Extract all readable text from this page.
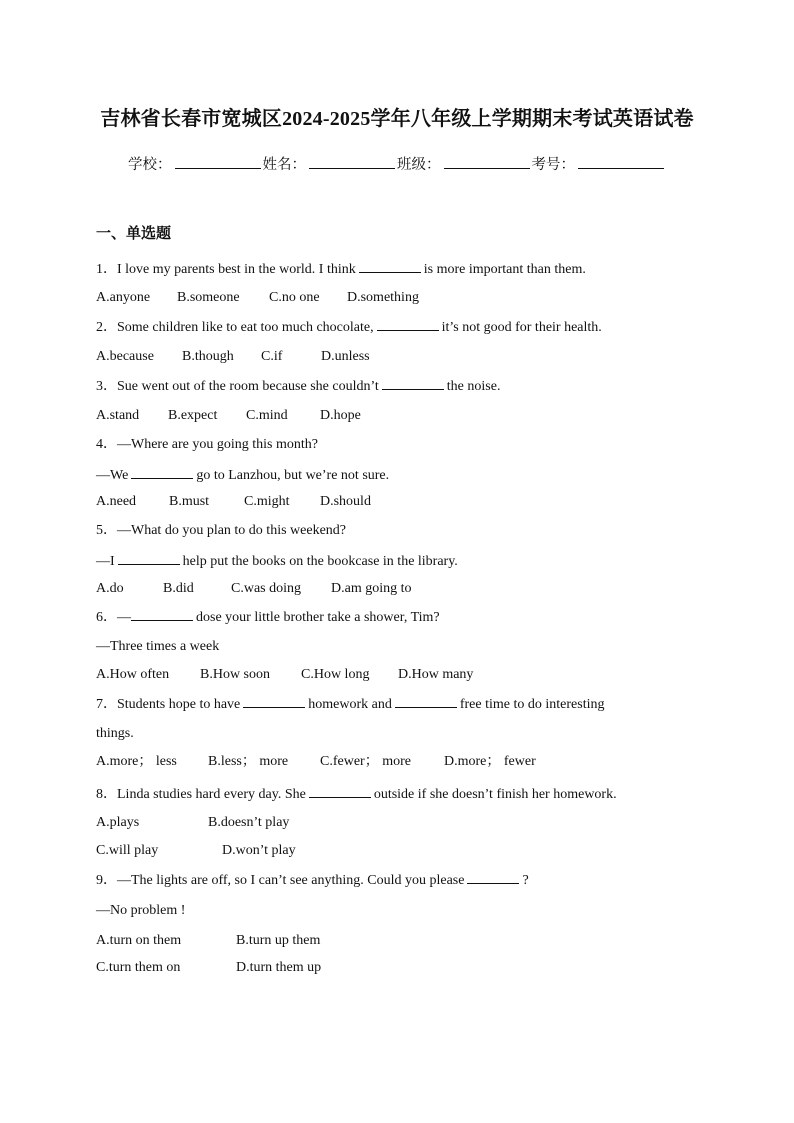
吉林省长春市宽城区2024-2025学年八年级上学期期末考试英语试卷
学校：	姓名：	班级：	考号：
一、单选题
1．I love my parents best in the world. I think	is more important than them.
A.anyone B.someone C.no one D.something
2．Some children like to eat too much chocolate,	it’s not good for their health.
A.because B.though C.if	D.unless
3．Sue went out of the room because she couldn’t	the noise.
A.stand B.expect C.mind D.hope
4．—Where are you going this month?
—We	go to Lanzhou, but we’re not sure.
A.need B.must C.might D.should
5．—What do you plan to do this weekend?
—I	help put the books on the bookcase in the library.
A.do	B.did	C.was doing D.am going to
6．—	dose your little brother take a shower, Tim?
—Three times a week
A.How often B.How soon C.How long D.How many
7．Students hope to have	homework and	free time to do interesting
things.
A.more； less B.less； more C.fewer； more D.more； fewer
8．Linda studies hard every day. She	outside if she doesn’t finish her homework.
A.plays	B.doesn’t play
C.will play	D.won’t play
9．—The lights are off, so I can’t see anything. Could you please	?
—No problem !
A.turn on them	B.turn up them
C.turn them on	D.turn them up
